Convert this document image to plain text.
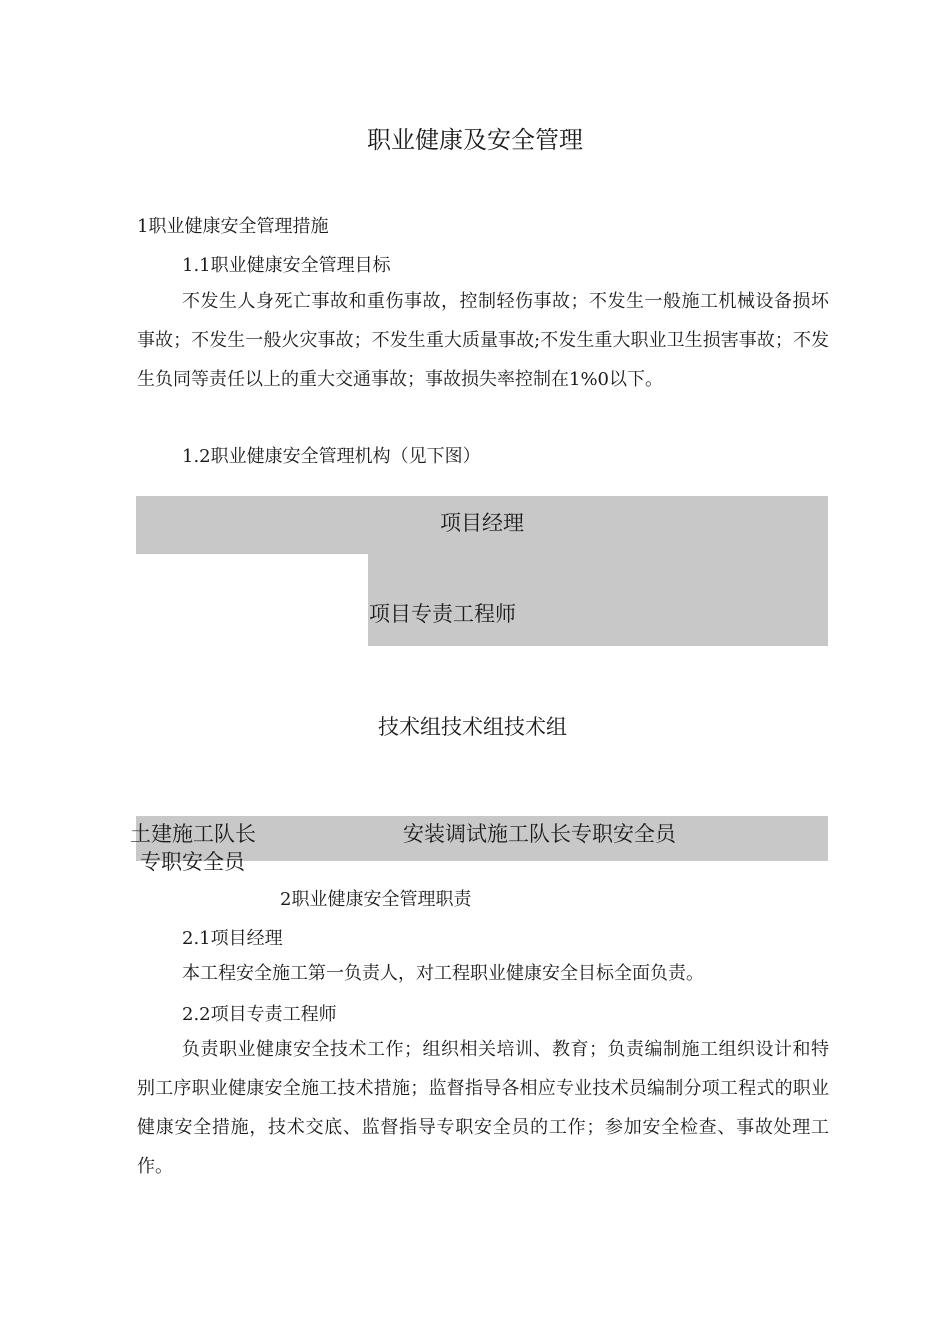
职业健康及安全管理
1职业健康安全管理措施
1.1职业健康安全管理目标
不发生人身死亡事故和重伤事故，控制轻伤事故；不发生一般施工机械设备损坏事故；不发生一般火灾事故；不发生重大质量事故;不发生重大职业卫生损害事故；不发生负同等责任以上的重大交通事故；事故损失率控制在1%0以下。
1.2职业健康安全管理机构（见下图）
项目经理
项目专责工程师
技术组技术组技术组
土建施工队长	安装调试施工队长专职安全员
专职安全员
2职业健康安全管理职责
2.1项目经理
本工程安全施工第一负责人，对工程职业健康安全目标全面负责。
2.2项目专责工程师
负责职业健康安全技术工作；组织相关培训、教育；负责编制施工组织设计和特别工序职业健康安全施工技术措施；监督指导各相应专业技术员编制分项工程式的职业健康安全措施，技术交底、监督指导专职安全员的工作；参加安全检查、事故处理工作。
